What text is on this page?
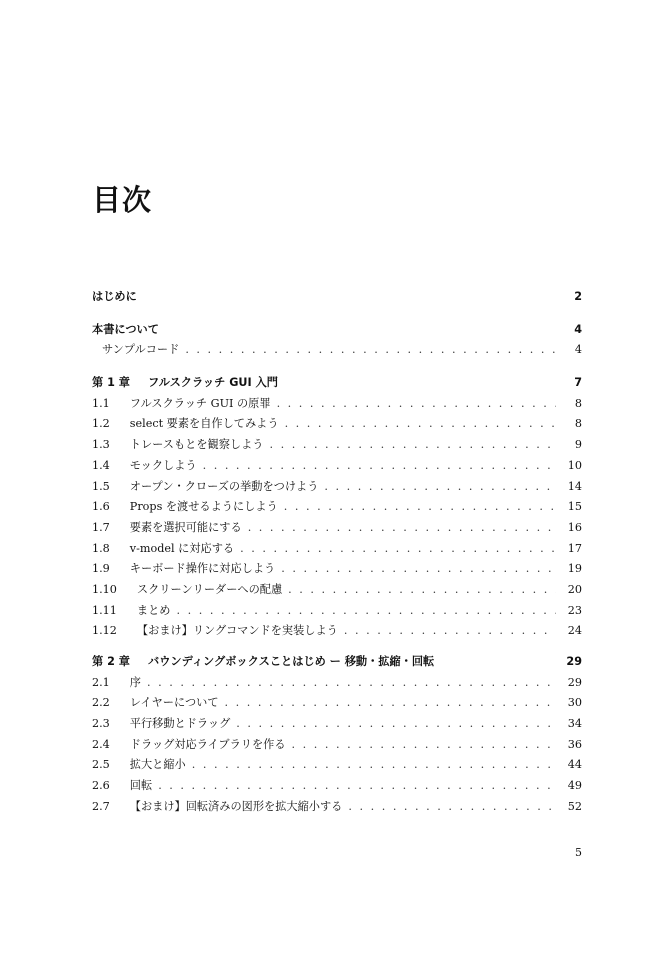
目次
はじめに	2
本書について	4
サンプルコード . . .	4
第 1 章	フルスクラッチ GUI 入門	7
1.1	フルスクラッチ GUI の原罪 . . .	8
1.2	select 要素を自作してみよう . . .	8
1.3	トレースもとを観察しよう . . .	9
1.4	モックしよう . . .	10
1.5	オープン・クローズの挙動をつけよう . . .	14
1.6	Props を渡せるようにしよう . . .	15
1.7	要素を選択可能にする . . .	16
1.8	v-model に対応する . . .	17
1.9	キーボード操作に対応しよう . . .	19
1.10	スクリーンリーダーへの配慮 . . .	20
1.11	まとめ . . .	23
1.12	【おまけ】リングコマンドを実装しよう . . .	24
第 2 章	バウンディングボックスことはじめ ー 移動・拡縮・回転	29
2.1	序 . . .	29
2.2	レイヤーについて . . .	30
2.3	平行移動とドラッグ . . .	34
2.4	ドラッグ対応ライブラリを作る . . .	36
2.5	拡大と縮小 . . .	44
2.6	回転 . . .	49
2.7	【おまけ】回転済みの図形を拡大縮小する . . .	52
5
